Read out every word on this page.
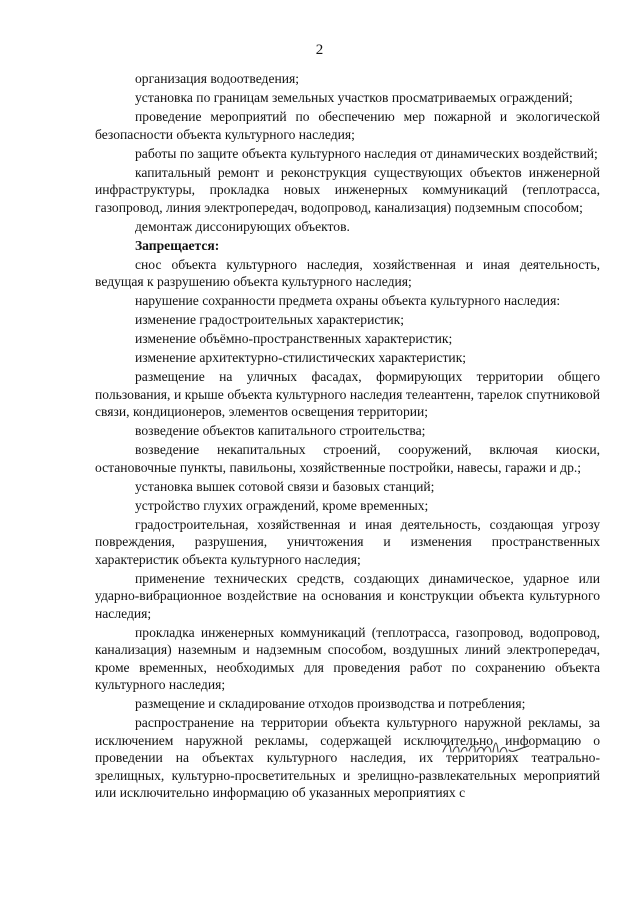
2

организация водоотведения;

установка по границам земельных участков просматриваемых ограждений;

проведение мероприятий по обеспечению мер пожарной и экологической безопасности объекта культурного наследия;

работы по защите объекта культурного наследия от динамических воздействий;

капитальный ремонт и реконструкция существующих объектов инженерной инфраструктуры, прокладка новых инженерных коммуникаций (теплотрасса, газопровод, линия электропередач, водопровод, канализация) подземным способом;

демонтаж диссонирующих объектов.

Запрещается:

снос объекта культурного наследия, хозяйственная и иная деятельность, ведущая к разрушению объекта культурного наследия;

нарушение сохранности предмета охраны объекта культурного наследия:

изменение градостроительных характеристик;

изменение объёмно-пространственных характеристик;

изменение архитектурно-стилистических характеристик;

размещение на уличных фасадах, формирующих территории общего пользования, и крыше объекта культурного наследия телеантенн, тарелок спутниковой связи, кондиционеров, элементов освещения территории;

возведение объектов капитального строительства;

возведение некапитальных строений, сооружений, включая киоски, остановочные пункты, павильоны, хозяйственные постройки, навесы, гаражи и др.;

установка вышек сотовой связи и базовых станций;

устройство глухих ограждений, кроме временных;

градостроительная, хозяйственная и иная деятельность, создающая угрозу повреждения, разрушения, уничтожения и изменения пространственных характеристик объекта культурного наследия;

применение технических средств, создающих динамическое, ударное или ударно-вибрационное воздействие на основания и конструкции объекта культурного наследия;

прокладка инженерных коммуникаций (теплотрасса, газопровод, водопровод, канализация) наземным и надземным способом, воздушных линий электропередач, кроме временных, необходимых для проведения работ по сохранению объекта культурного наследия;

размещение и складирование отходов производства и потребления;

распространение на территории объекта культурного наружной рекламы, за исключением наружной рекламы, содержащей исключительно информацию о проведении на объектах культурного наследия, их территориях театрально-зрелищных, культурно-просветительных и зрелищно-развлекательных мероприятий или исключительно информацию об указанных мероприятиях с
